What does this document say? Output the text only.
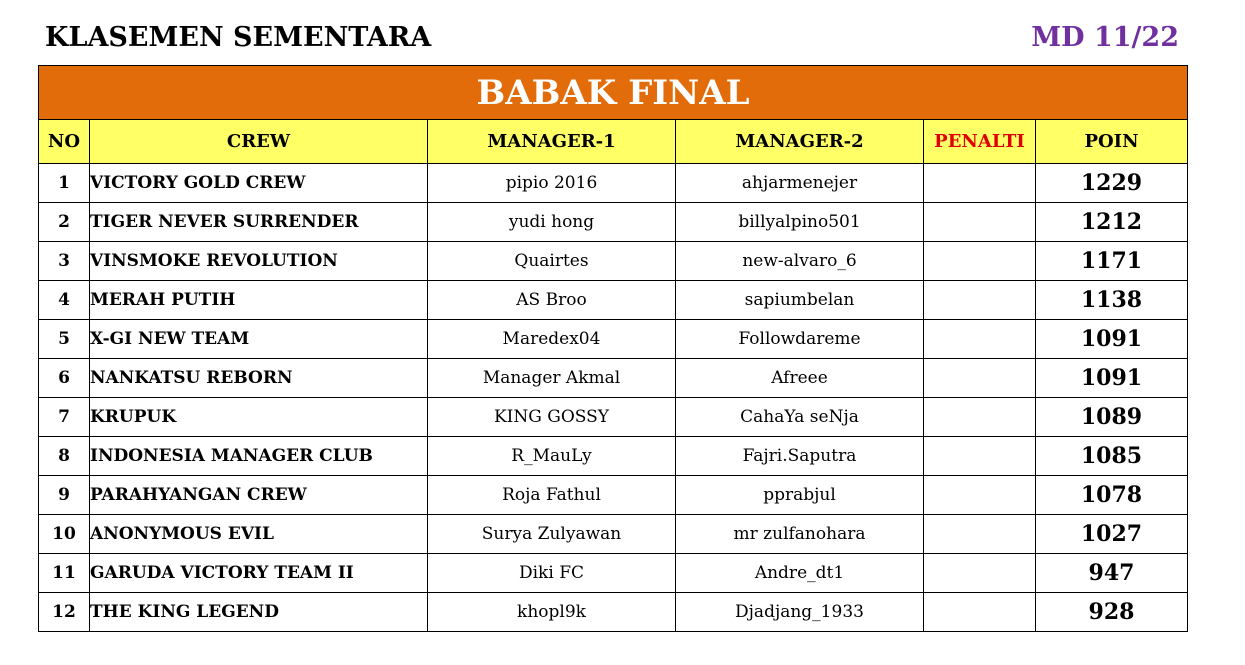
KLASEMEN SEMENTARA	MD 11/22
BABAK FINAL					
NO	CREW	MANAGER-1	MANAGER-2	PENALTI	POIN
1	VICTORY GOLD CREW	pipio 2016	ahjarmenejer		1229
2	TIGER NEVER SURRENDER	yudi hong	billyalpino501		1212
3	VINSMOKE REVOLUTION	Quairtes	new-alvaro_6		1171
4	MERAH PUTIH	AS Broo	sapiumbelan		1138
5	X-GI NEW TEAM	Maredex04	Followdareme		1091
6	NANKATSU REBORN	Manager Akmal	Afreee		1091
7	KRUPUK	KING GOSSY	CahaYa seNja		1089
8	INDONESIA MANAGER CLUB	R_MauLy	Fajri.Saputra		1085
9	PARAHYANGAN CREW	Roja Fathul	pprabjul		1078
10	ANONYMOUS EVIL	Surya Zulyawan	mr zulfanohara		1027
11	GARUDA VICTORY TEAM II	Diki FC	Andre_dt1		947
12	THE KING LEGEND	khopl9k	Djadjang_1933		928
